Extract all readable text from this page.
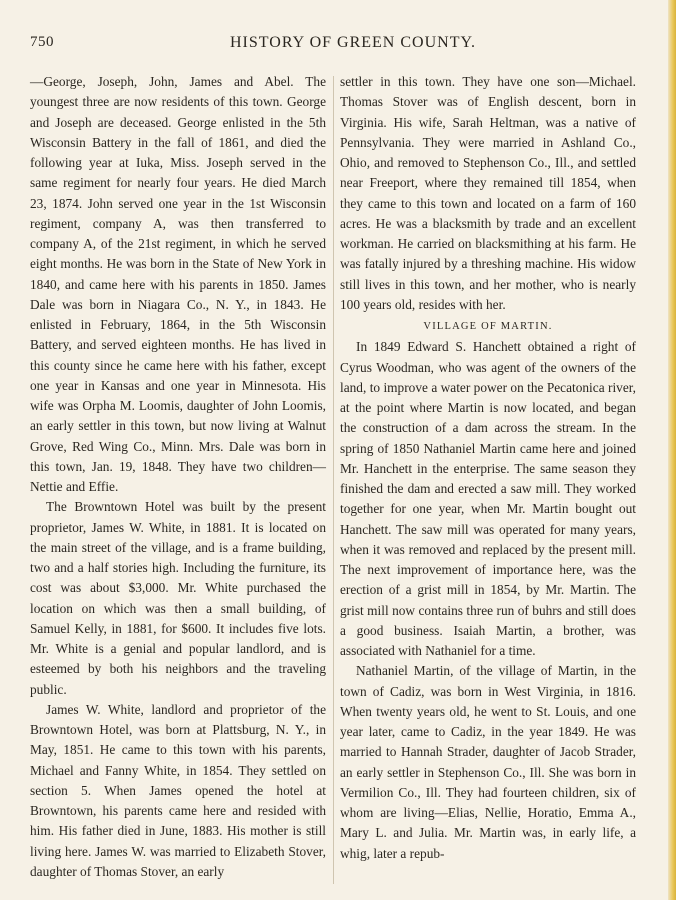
750	HISTORY OF GREEN COUNTY.

—George, Joseph, John, James and Abel. The youngest three are now residents of this town. George and Joseph are deceased. George enlisted in the 5th Wisconsin Battery in the fall of 1861, and died the following year at Iuka, Miss. Joseph served in the same regiment for nearly four years. He died March 23, 1874. John served one year in the 1st Wisconsin regiment, company A, was then transferred to company A, of the 21st regiment, in which he served eight months. He was born in the State of New York in 1840, and came here with his parents in 1850. James Dale was born in Niagara Co., N. Y., in 1843. He enlisted in February, 1864, in the 5th Wisconsin Battery, and served eighteen months. He has lived in this county since he came here with his father, except one year in Kansas and one year in Minnesota. His wife was Orpha M. Loomis, daughter of John Loomis, an early settler in this town, but now living at Walnut Grove, Red Wing Co., Minn. Mrs. Dale was born in this town, Jan. 19, 1848. They have two children—Nettie and Effie.

The Browntown Hotel was built by the present proprietor, James W. White, in 1881. It is located on the main street of the village, and is a frame building, two and a half stories high. Including the furniture, its cost was about $3,000. Mr. White purchased the location on which was then a small building, of Samuel Kelly, in 1881, for $600. It includes five lots. Mr. White is a genial and popular landlord, and is esteemed by both his neighbors and the traveling public.

James W. White, landlord and proprietor of the Browntown Hotel, was born at Plattsburg, N. Y., in May, 1851. He came to this town with his parents, Michael and Fanny White, in 1854. They settled on section 5. When James opened the hotel at Browntown, his parents came here and resided with him. His father died in June, 1883. His mother is still living here. James W. was married to Elizabeth Stover, daughter of Thomas Stover, an early

settler in this town. They have one son—Michael. Thomas Stover was of English descent, born in Virginia. His wife, Sarah Heltman, was a native of Pennsylvania. They were married in Ashland Co., Ohio, and removed to Stephenson Co., Ill., and settled near Freeport, where they remained till 1854, when they came to this town and located on a farm of 160 acres. He was a blacksmith by trade and an excellent workman. He carried on blacksmithing at his farm. He was fatally injured by a threshing machine. His widow still lives in this town, and her mother, who is nearly 100 years old, resides with her.

VILLAGE OF MARTIN.

In 1849 Edward S. Hanchett obtained a right of Cyrus Woodman, who was agent of the owners of the land, to improve a water power on the Pecatonica river, at the point where Martin is now located, and began the construction of a dam across the stream. In the spring of 1850 Nathaniel Martin came here and joined Mr. Hanchett in the enterprise. The same season they finished the dam and erected a saw mill. They worked together for one year, when Mr. Martin bought out Hanchett. The saw mill was operated for many years, when it was removed and replaced by the present mill. The next improvement of importance here, was the erection of a grist mill in 1854, by Mr. Martin. The grist mill now contains three run of buhrs and still does a good business. Isaiah Martin, a brother, was associated with Nathaniel for a time.

Nathaniel Martin, of the village of Martin, in the town of Cadiz, was born in West Virginia, in 1816. When twenty years old, he went to St. Louis, and one year later, came to Cadiz, in the year 1849. He was married to Hannah Strader, daughter of Jacob Strader, an early settler in Stephenson Co., Ill. She was born in Vermilion Co., Ill. They had fourteen children, six of whom are living—Elias, Nellie, Horatio, Emma A., Mary L. and Julia. Mr. Martin was, in early life, a whig, later a repub-
